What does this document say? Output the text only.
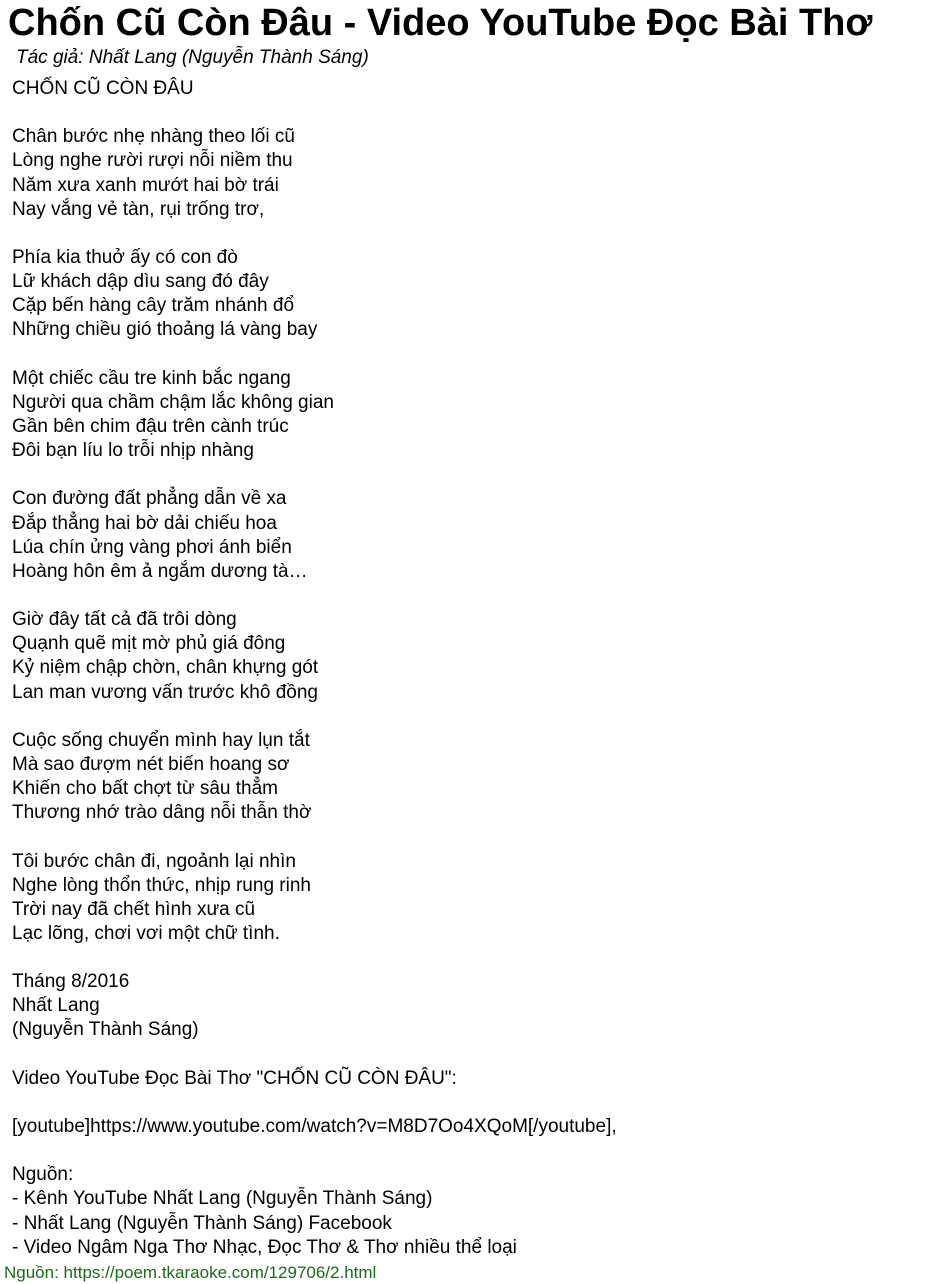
Chốn Cũ Còn Đâu - Video YouTube Đọc Bài Thơ
Tác giả: Nhất Lang (Nguyễn Thành Sáng)
CHỐN CŨ CÒN ĐÂU
Chân bước nhẹ nhàng theo lối cũ
Lòng nghe rười rượi nỗi niềm thu
Năm xưa xanh mướt hai bờ trái
Nay vắng vẻ tàn, rụi trống trơ,
Phía kia thuở ấy có con đò
Lữ khách dập dìu sang đó đây
Cặp bến hàng cây trăm nhánh đổ
Những chiều gió thoảng lá vàng bay
Một chiếc cầu tre kinh bắc ngang
Người qua chầm chậm lắc không gian
Gần bên chim đậu trên cành trúc
Đôi bạn líu lo trỗi nhịp nhàng
Con đường đất phẳng dẫn về xa
Đắp thẳng hai bờ dải chiếu hoa
Lúa chín ửng vàng phơi ánh biển
Hoàng hôn êm ả ngắm dương tà…
Giờ đây tất cả đã trôi dòng
Quạnh quẽ mịt mờ phủ giá đông
Kỷ niệm chập chờn, chân khựng gót
Lan man vương vấn trước khô đồng
Cuộc sống chuyển mình hay lụn tắt
Mà sao đượm nét biến hoang sơ
Khiến cho bất chợt từ sâu thẳm
Thương nhớ trào dâng nỗi thẫn thờ
Tôi bước chân đi, ngoảnh lại nhìn
Nghe lòng thổn thức, nhịp rung rinh
Trời nay đã chết hình xưa cũ
Lạc lõng, chơi vơi một chữ tình.
Tháng 8/2016
Nhất Lang
(Nguyễn Thành Sáng)
Video YouTube Đọc Bài Thơ "CHỐN CŨ CÒN ĐÂU":
[youtube]https://www.youtube.com/watch?v=M8D7Oo4XQoM[/youtube],
Nguồn:
- Kênh YouTube Nhất Lang (Nguyễn Thành Sáng)
- Nhất Lang (Nguyễn Thành Sáng) Facebook
- Video Ngâm Nga Thơ Nhạc, Đọc Thơ & Thơ nhiều thể loại
Nguồn: https://poem.tkaraoke.com/129706/2.html
